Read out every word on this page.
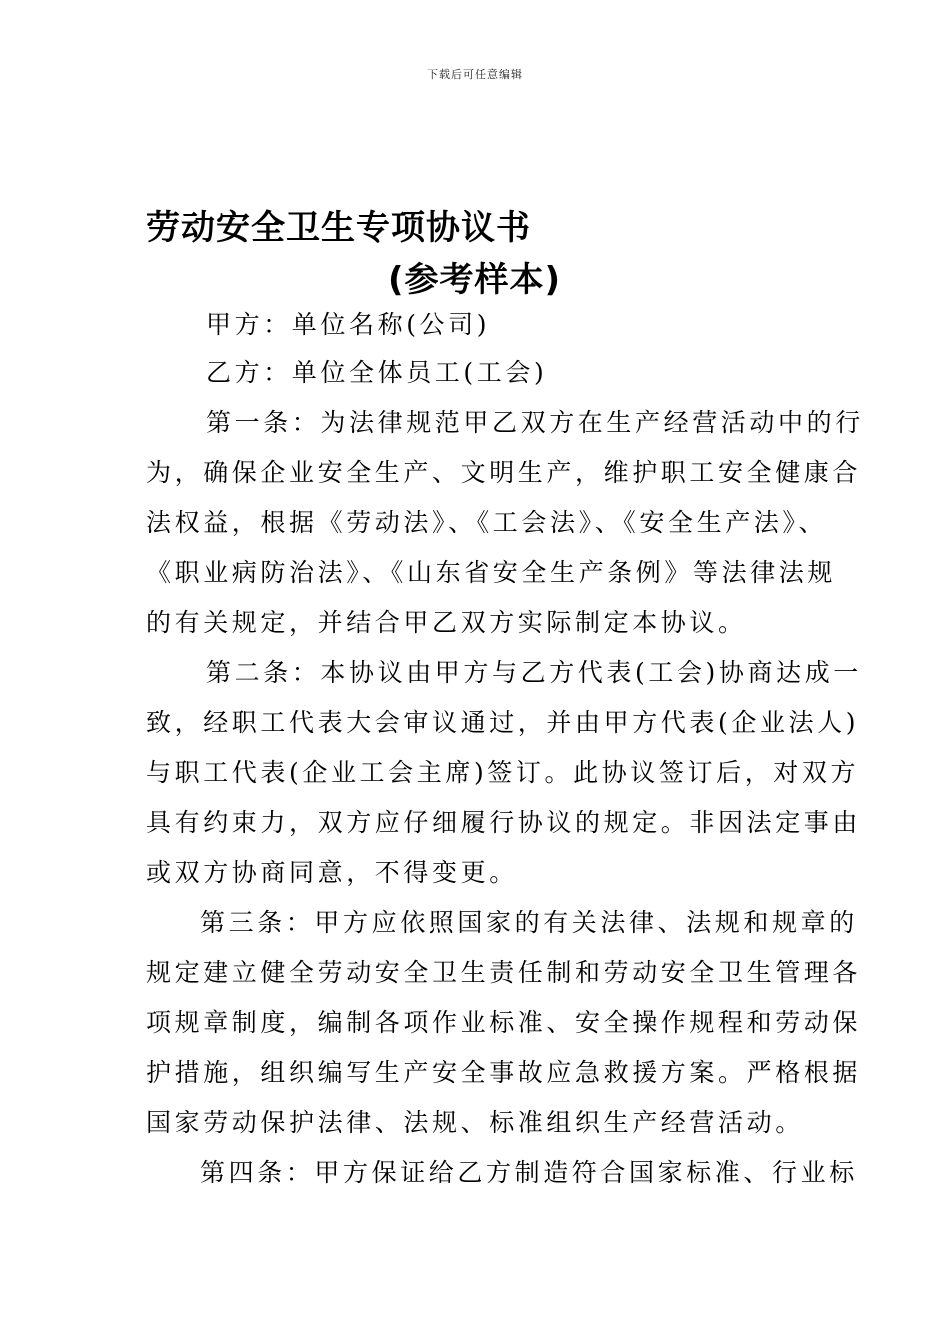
下载后可任意编辑
劳动安全卫生专项协议书
(参考样本)
甲方：单位名称(公司)
乙方：单位全体员工(工会)
第一条：为法律规范甲乙双方在生产经营活动中的行
为，确保企业安全生产、文明生产，维护职工安全健康合
法权益，根据《劳动法》、《工会法》、《安全生产法》、
《职业病防治法》、《山东省安全生产条例》等法律法规
的有关规定，并结合甲乙双方实际制定本协议。
第二条：本协议由甲方与乙方代表(工会)协商达成一
致，经职工代表大会审议通过，并由甲方代表(企业法人)
与职工代表(企业工会主席)签订。此协议签订后，对双方
具有约束力，双方应仔细履行协议的规定。非因法定事由
或双方协商同意，不得变更。
第三条：甲方应依照国家的有关法律、法规和规章的
规定建立健全劳动安全卫生责任制和劳动安全卫生管理各
项规章制度，编制各项作业标准、安全操作规程和劳动保
护措施，组织编写生产安全事故应急救援方案。严格根据
国家劳动保护法律、法规、标准组织生产经营活动。
第四条：甲方保证给乙方制造符合国家标准、行业标
